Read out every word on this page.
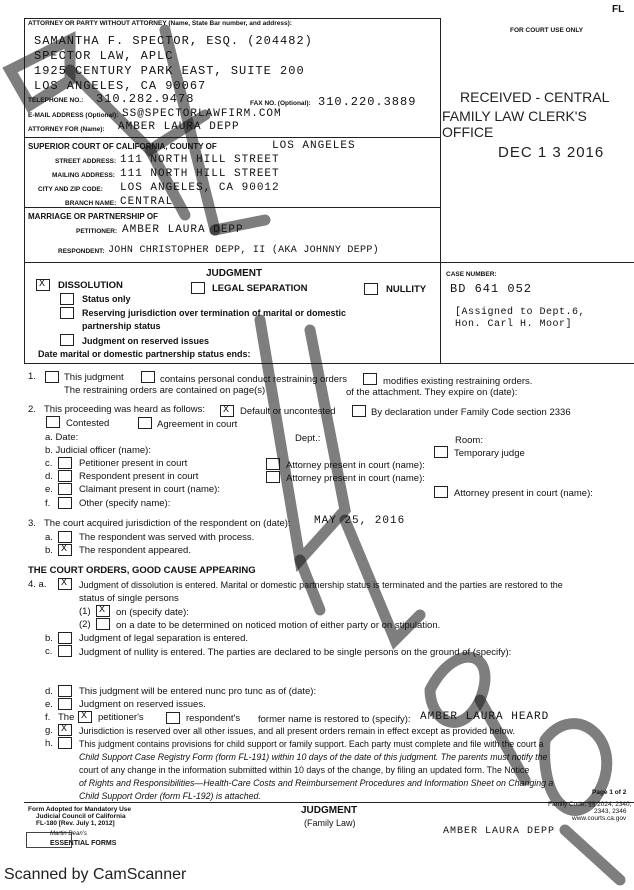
FL
ATTORNEY OR PARTY WITHOUT ATTORNEY (Name, State Bar number, and address):
FOR COURT USE ONLY
SAMANTHA F. SPECTOR, ESQ. (204482)
SPECTOR LAW, APLC
1925 CENTURY PARK EAST, SUITE 200
LOS ANGELES, CA 90067
TELEPHONE NO.: 310.282.9478	FAX NO. (Optional): 310.220.3889
E-MAIL ADDRESS (Optional): SS@SPECTORLAWFIRM.COM
ATTORNEY FOR (Name): AMBER LAURA DEPP
SUPERIOR COURT OF CALIFORNIA, COUNTY OF	LOS ANGELES
STREET ADDRESS: 111 NORTH HILL STREET
MAILING ADDRESS: 111 NORTH HILL STREET
CITY AND ZIP CODE: LOS ANGELES, CA 90012
BRANCH NAME: CENTRAL
MARRIAGE OR PARTNERSHIP OF
PETITIONER: AMBER LAURA DEPP
RESPONDENT: JOHN CHRISTOPHER DEPP, II (AKA JOHNNY DEPP)
JUDGMENT
X
DISSOLUTION	LEGAL SEPARATION	NULLITY
Status only
Reserving jurisdiction over termination of marital or domestic
partnership status
Judgment on reserved issues
Date marital or domestic partnership status ends:
CASE NUMBER:
BD 641 052
[Assigned to Dept.6,
Hon. Carl H. Moor]
RECEIVED - CENTRAL
FAMILY LAW CLERK'S OFFICE
DEC 1 3 2016
1.	This judgment	contains personal conduct restraining orders	modifies existing restraining orders.
The restraining orders are contained on page(s)	of the attachment. They expire on (date):
2. This proceeding was heard as follows: X	Default or uncontested	By declaration under Family Code section 2336
Contested	Agreement in court
a. Date:	Dept.:	Room:
b. Judicial officer (name):	Temporary judge
c.	Petitioner present in court	Attorney present in court (name):
d.	Respondent present in court	Attorney present in court (name):
e.	Claimant present in court (name):	Attorney present in court (name):
f.	Other (specify name):
3. The court acquired jurisdiction of the respondent on (date): MAY 25, 2016
a.	The respondent was served with process.
b. X	The respondent appeared.
THE COURT ORDERS, GOOD CAUSE APPEARING
4. a. X	Judgment of dissolution is entered. Marital or domestic partnership status is terminated and the parties are restored to the
status of single persons
(1) X	on (specify date):
(2)	on a date to be determined on noticed motion of either party or on stipulation.
b.	Judgment of legal separation is entered.
c.	Judgment of nullity is entered. The parties are declared to be single persons on the ground of (specify):
d.	This judgment will be entered nunc pro tunc as of (date):
e.	Judgment on reserved issues.
f. The X petitioner's	respondent's former name is restored to (specify): AMBER LAURA HEARD
g. X	Jurisdiction is reserved over all other issues, and all present orders remain in effect except as provided below.
h.	This judgment contains provisions for child support or family support. Each party must complete and file with the court a
Child Support Case Registry Form (form FL-191) within 10 days of the date of this judgment. The parents must notify the
court of any change in the information submitted within 10 days of the change, by filing an updated form. The Notice
of Rights and Responsibilities—Health-Care Costs and Reimbursement Procedures and Information Sheet on Changing a
Child Support Order (form FL-192) is attached.	Page 1 of 2
Form Adopted for Mandatory Use
Judicial Council of California
FL-180 [Rev. July 1, 2012]
JUDGMENT
(Family Law)
Family Code, §§ 2024, 2340,
2343, 2346
www.courts.ca.gov
Martin Dean's
ESSENTIAL FORMS
AMBER LAURA DEPP
Scanned by CamScanner
